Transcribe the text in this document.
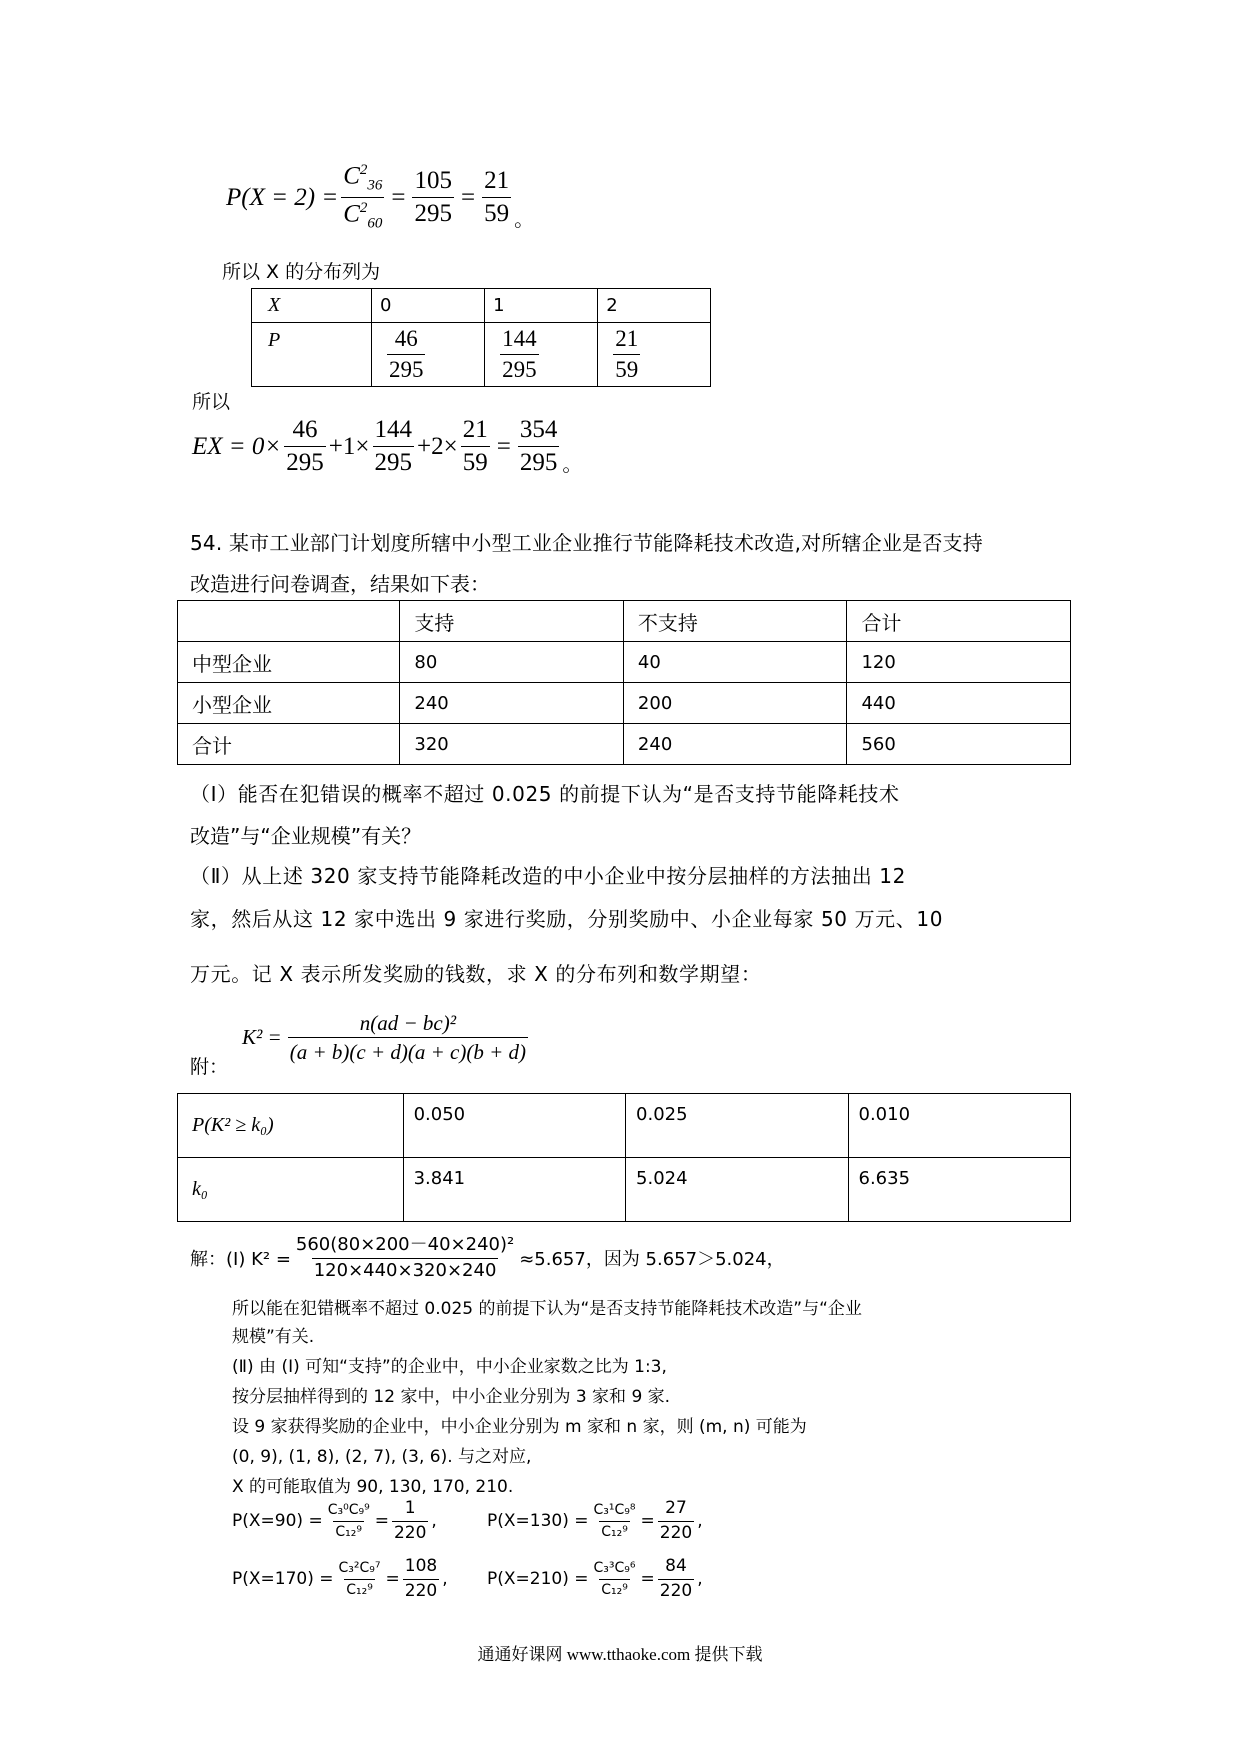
$P(X = 2) = \frac{C^2_{36}}{C^2_{60}} = \frac{105}{295} = \frac{21}{59}$ 。
所以 X 的分布列为
X	0	1	2
P	$\frac{46}{295}$	$\frac{144}{295}$	$\frac{21}{59}$
所以
EX = $0\times \frac{46}{295} +1\times \frac{144}{295} +2\times \frac{21}{59} = \frac{354}{295}$ 。
54. 某市工业部门计划度所辖中小型工业企业推行节能降耗技术改造,对所辖企业是否支持
改造进行问卷调查，结果如下表：
	支持	不支持	合计
中型企业	80	40	120
小型企业	240	200	440
合计	320	240	560
（Ⅰ）能否在犯错误的概率不超过 0.025 的前提下认为“是否支持节能降耗技术
改造”与“企业规模”有关？
（Ⅱ）从上述 320 家支持节能降耗改造的中小企业中按分层抽样的方法抽出 12
家，然后从这 12 家中选出 9 家进行奖励，分别奖励中、小企业每家 50 万元、10
万元。记 X 表示所发奖励的钱数，求 X 的分布列和数学期望：
附：
$K^2 = \frac{\text{n(ad − bc)²}}{(a + b)(c + d)(a + c)(b + d)}$
P(K² ≥ k₀)	0.050	0.025	0.010
k₀	3.841	5.024	6.635
解：(Ⅰ) $K^2 = \frac{\text{560(80×200－40×240)²}}{120\times 440\times 320\times 240} \approx 5.657$，因为 5.657＞5.024，
所以能在犯错概率不超过 0.025 的前提下认为“是否支持节能降耗技术改造”与“企业
规模”有关.
(Ⅱ) 由 (Ⅰ) 可知“支持”的企业中，中小企业家数之比为 1:3,
按分层抽样得到的 12 家中，中小企业分别为 3 家和 9 家.
设 9 家获得奖励的企业中，中小企业分别为 m 家和 n 家，则 (m, n) 可能为
(0, 9), (1, 8), (2, 7), (3, 6). 与之对应,
X 的可能取值为 90, 130, 170, 210.
$P(X=90) = \frac{\text{C₃⁰C₉⁹}}{\text{C₁₂⁹}} = \frac{1}{220}$ ,	$P(X=130) = \frac{\text{C₃¹C₉⁸}}{\text{C₁₂⁹}} = \frac{27}{220}$ ,
$P(X=170) = \frac{\text{C₃²C₉⁷}}{\text{C₁₂⁹}} = \frac{108}{220}$ , $P(X=210) = \frac{\text{C₃³C₉⁶}}{\text{C₁₂⁹}} = \frac{84}{220}$ ,
通通好课网 www.tthaoke.com 提供下载
